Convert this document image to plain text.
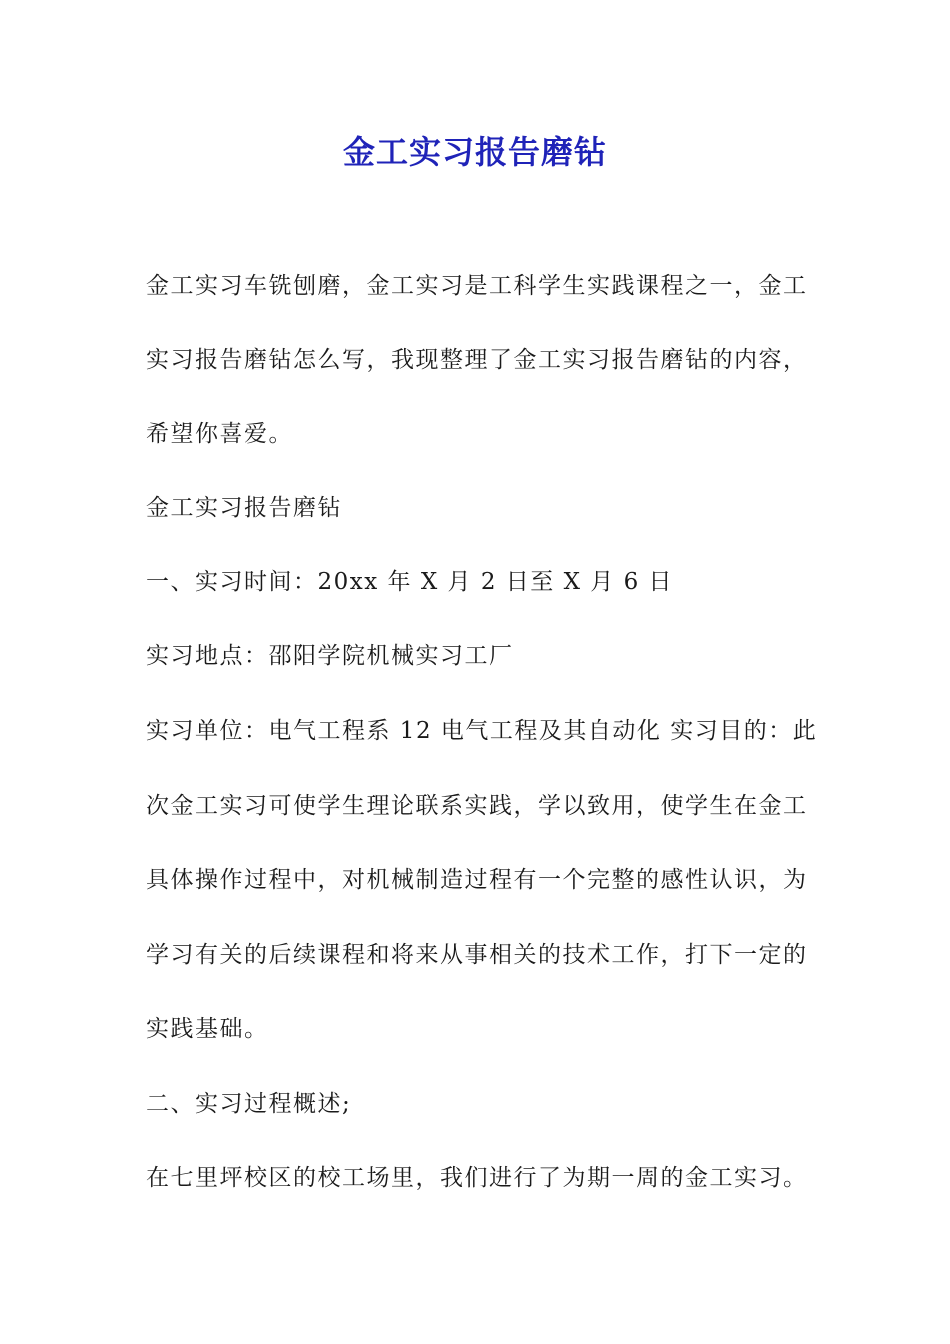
金工实习报告磨钻
金工实习车铣刨磨，金工实习是工科学生实践课程之一，金工
实习报告磨钻怎么写，我现整理了金工实习报告磨钻的内容，
希望你喜爱。
金工实习报告磨钻
一、实习时间：20xx 年 X 月 2 日至 X 月 6 日
实习地点：邵阳学院机械实习工厂
实习单位：电气工程系 12 电气工程及其自动化 实习目的：此
次金工实习可使学生理论联系实践，学以致用，使学生在金工
具体操作过程中，对机械制造过程有一个完整的感性认识，为
学习有关的后续课程和将来从事相关的技术工作，打下一定的
实践基础。
二、实习过程概述;
在七里坪校区的校工场里，我们进行了为期一周的金工实习。
